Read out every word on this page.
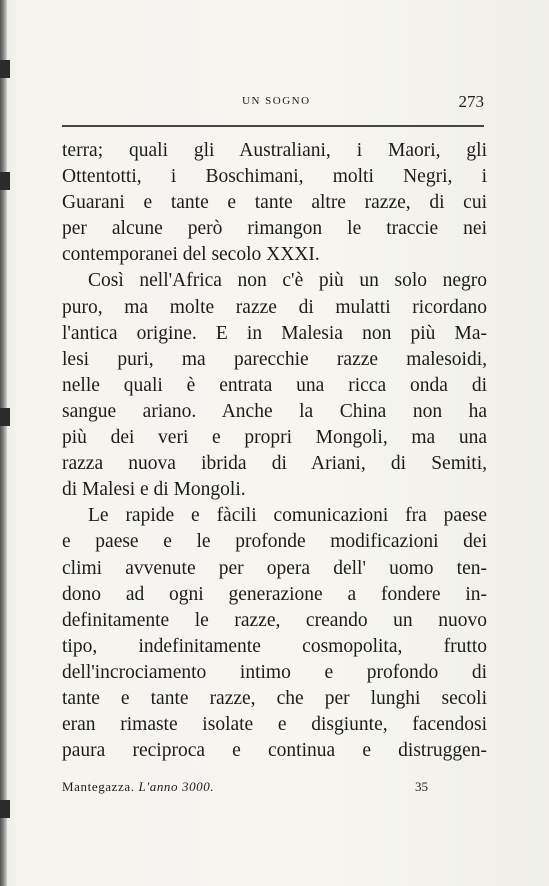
UN SOGNO	273
terra; quali gli Australiani, i Maori, gli
Ottentotti, i Boschimani, molti Negri, i
Guarani e tante e tante altre razze, di cui
per alcune però rimangon le traccie nei
contemporanei del secolo XXXI.
Così nell'Africa non c'è più un solo negro
puro, ma molte razze di mulatti ricordano
l'antica origine. E in Malesia non più Ma-
lesi puri, ma parecchie razze malesoidi,
nelle quali è entrata una ricca onda di
sangue ariano. Anche la China non ha
più dei veri e propri Mongoli, ma una
razza nuova ibrida di Ariani, di Semiti,
di Malesi e di Mongoli.
Le rapide e fàcili comunicazioni fra paese
e paese e le profonde modificazioni dei
climi avvenute per opera dell' uomo ten-
dono ad ogni generazione a fondere in-
definitamente le razze, creando un nuovo
tipo, indefinitamente cosmopolita, frutto
dell'incrociamento intimo e profondo di
tante e tante razze, che per lunghi secoli
eran rimaste isolate e disgiunte, facendosi
paura reciproca e continua e distruggen-
Mantegazza. L'anno 3000.	35
